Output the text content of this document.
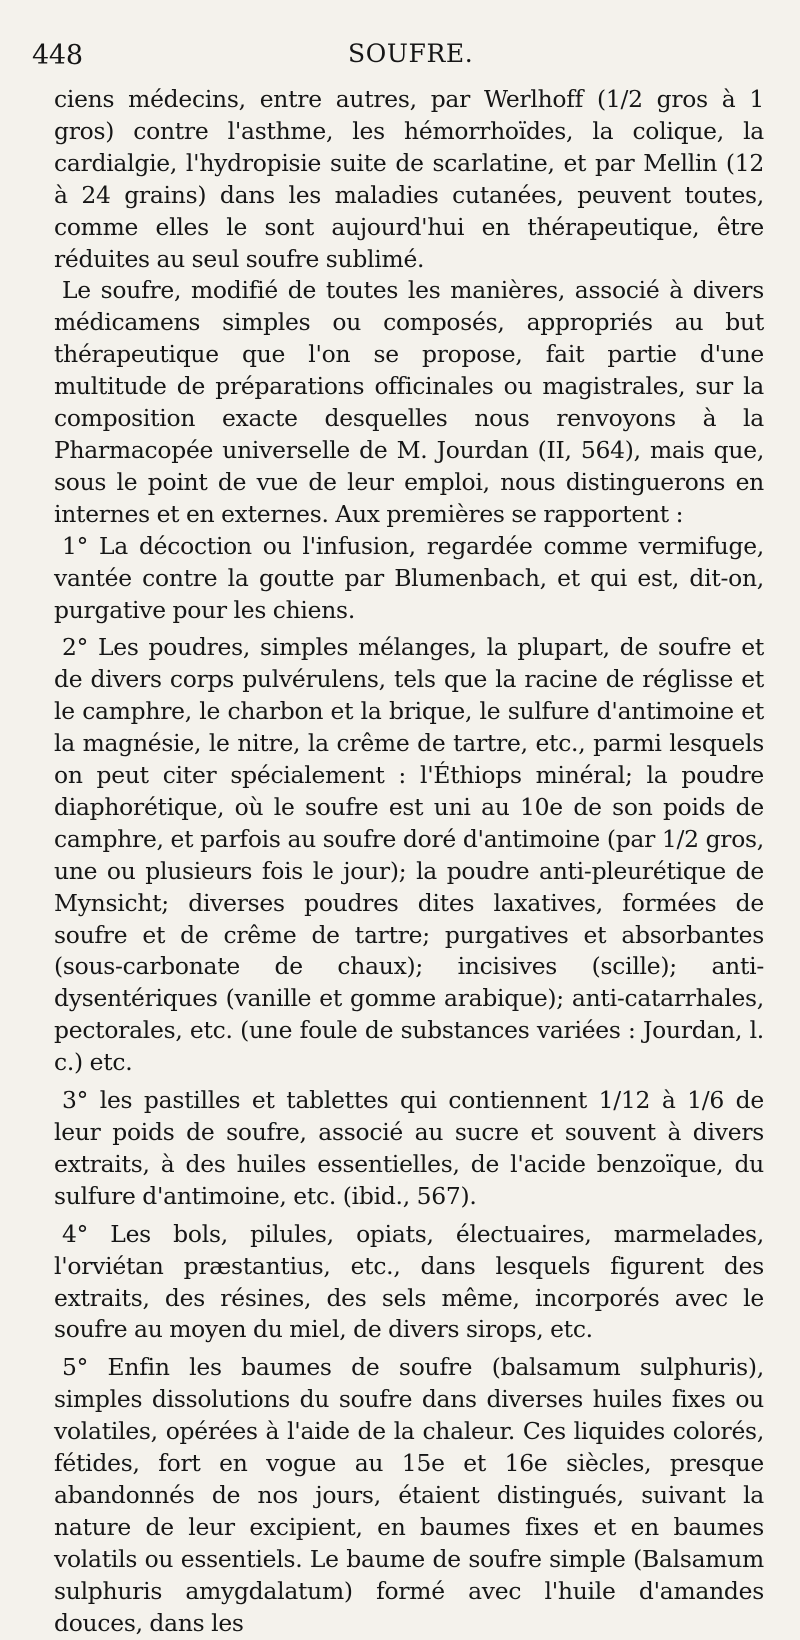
448	SOUFRE.

ciens médecins, entre autres, par Werlhoff (1/2 gros à 1 gros) contre l'asthme, les hémorrhoïdes, la colique, la cardialgie, l'hydropisie suite de scarlatine, et par Mellin (12 à 24 grains) dans les maladies cutanées, peuvent toutes, comme elles le sont aujourd'hui en thérapeutique, être réduites au seul soufre sublimé.

Le soufre, modifié de toutes les manières, associé à divers médicamens simples ou composés, appropriés au but thérapeutique que l'on se propose, fait partie d'une multitude de préparations officinales ou magistrales, sur la composition exacte desquelles nous renvoyons à la Pharmacopée universelle de M. Jourdan (II, 564), mais que, sous le point de vue de leur emploi, nous distinguerons en internes et en externes. Aux premières se rapportent :

1° La décoction ou l'infusion, regardée comme vermifuge, vantée contre la goutte par Blumenbach, et qui est, dit-on, purgative pour les chiens.

2° Les poudres, simples mélanges, la plupart, de soufre et de divers corps pulvérulens, tels que la racine de réglisse et le camphre, le charbon et la brique, le sulfure d'antimoine et la magnésie, le nitre, la crême de tartre, etc., parmi lesquels on peut citer spécialement : l'Éthiops minéral; la poudre diaphorétique, où le soufre est uni au 10e de son poids de camphre, et parfois au soufre doré d'antimoine (par 1/2 gros, une ou plusieurs fois le jour); la poudre anti-pleurétique de Mynsicht; diverses poudres dites laxatives, formées de soufre et de crême de tartre; purgatives et absorbantes (sous-carbonate de chaux); incisives (scille); anti-dysentériques (vanille et gomme arabique); anti-catarrhales, pectorales, etc. (une foule de substances variées : Jourdan, l. c.) etc.

3° les pastilles et tablettes qui contiennent 1/12 à 1/6 de leur poids de soufre, associé au sucre et souvent à divers extraits, à des huiles essentielles, de l'acide benzoïque, du sulfure d'antimoine, etc. (ibid., 567).

4° Les bols, pilules, opiats, électuaires, marmelades, l'orviétan præstantius, etc., dans lesquels figurent des extraits, des résines, des sels même, incorporés avec le soufre au moyen du miel, de divers sirops, etc.

5° Enfin les baumes de soufre (balsamum sulphuris), simples dissolutions du soufre dans diverses huiles fixes ou volatiles, opérées à l'aide de la chaleur. Ces liquides colorés, fétides, fort en vogue au 15e et 16e siècles, presque abandonnés de nos jours, étaient distingués, suivant la nature de leur excipient, en baumes fixes et en baumes volatils ou essentiels. Le baume de soufre simple (Balsamum sulphuris amygdalatum) formé avec l'huile d'amandes douces, dans les
